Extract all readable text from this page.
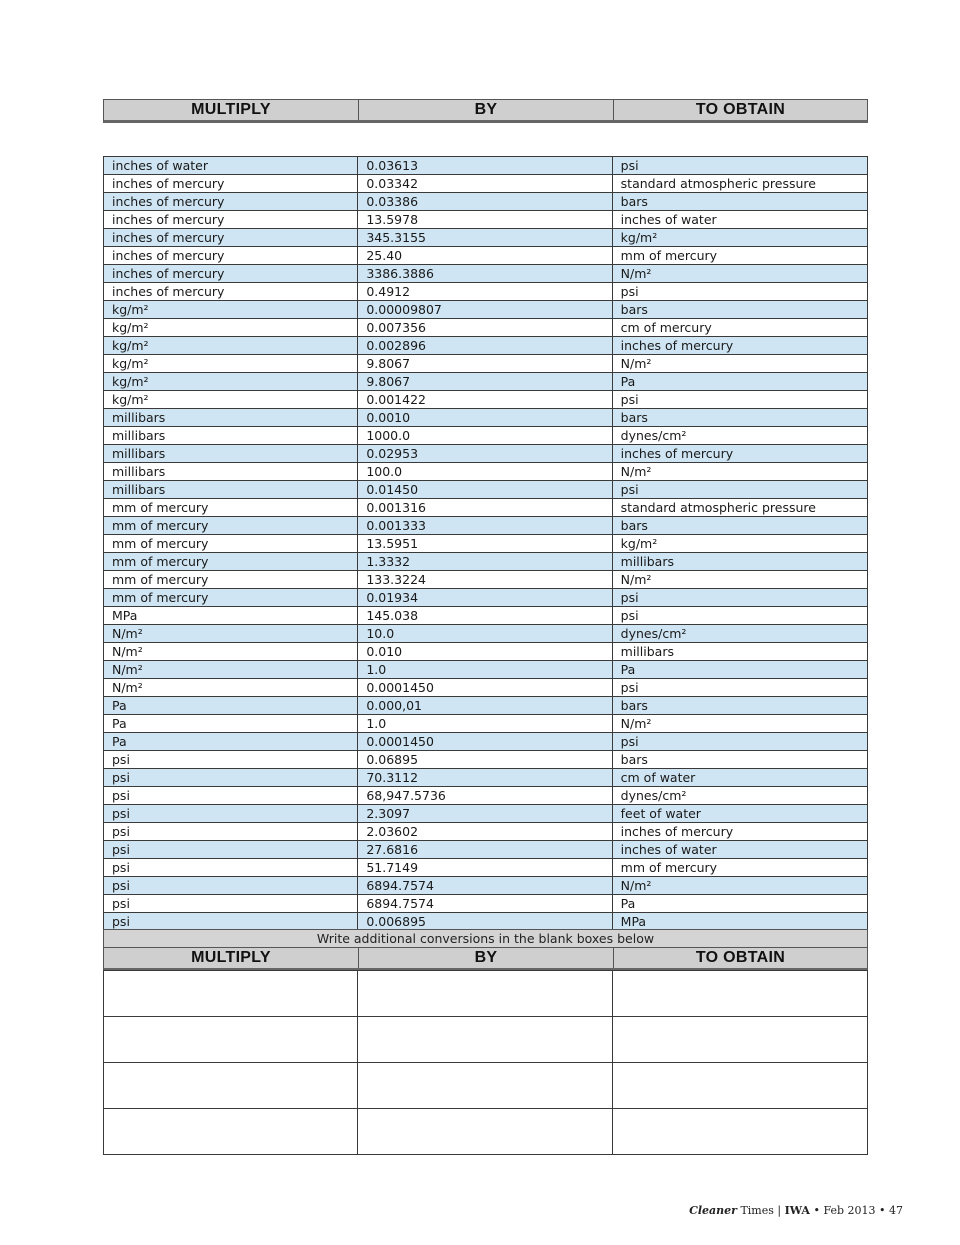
MULTIPLY	BY	TO OBTAIN
inches of water	0.03613	psi
inches of mercury	0.03342	standard atmospheric pressure
inches of mercury	0.03386	bars
inches of mercury	13.5978	inches of water
inches of mercury	345.3155	kg/m²
inches of mercury	25.40	mm of mercury
inches of mercury	3386.3886	N/m²
inches of mercury	0.4912	psi
kg/m²	0.00009807	bars
kg/m²	0.007356	cm of mercury
kg/m²	0.002896	inches of mercury
kg/m²	9.8067	N/m²
kg/m²	9.8067	Pa
kg/m²	0.001422	psi
millibars	0.0010	bars
millibars	1000.0	dynes/cm²
millibars	0.02953	inches of mercury
millibars	100.0	N/m²
millibars	0.01450	psi
mm of mercury	0.001316	standard atmospheric pressure
mm of mercury	0.001333	bars
mm of mercury	13.5951	kg/m²
mm of mercury	1.3332	millibars
mm of mercury	133.3224	N/m²
mm of mercury	0.01934	psi
MPa	145.038	psi
N/m²	10.0	dynes/cm²
N/m²	0.010	millibars
N/m²	1.0	Pa
N/m²	0.0001450	psi
Pa	0.000,01	bars
Pa	1.0	N/m²
Pa	0.0001450	psi
psi	0.06895	bars
psi	70.3112	cm of water
psi	68,947.5736	dynes/cm²
psi	2.3097	feet of water
psi	2.03602	inches of mercury
psi	27.6816	inches of water
psi	51.7149	mm of mercury
psi	6894.7574	N/m²
psi	6894.7574	Pa
psi	0.006895	MPa
Write additional conversions in the blank boxes below
MULTIPLY	BY	TO OBTAIN

Cleaner Times | IWA • Feb 2013 • 47
